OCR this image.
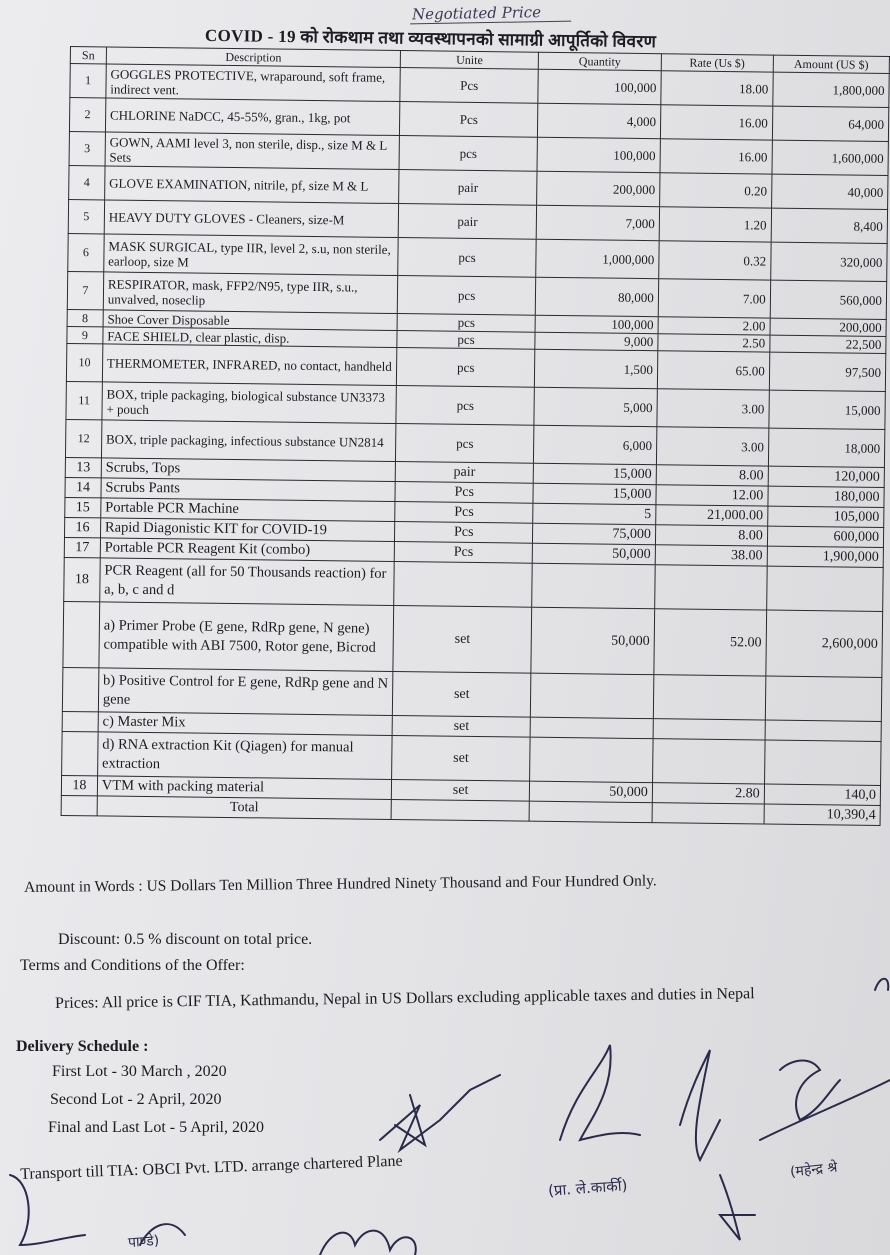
Negotiated Price
COVID - 19 को रोकथाम तथा व्यवस्थापनको सामाग्री आपूर्तिको विवरण
Sn	Description	Unite	Quantity	Rate (Us $)	Amount (US $)
1	GOGGLES PROTECTIVE, wraparound, soft frame, indirect vent.	Pcs	100,000	18.00	1,800,000
2	CHLORINE NaDCC, 45-55%, gran., 1kg, pot	Pcs	4,000	16.00	64,000
3	GOWN, AAMI level 3, non sterile, disp., size M & L Sets	pcs	100,000	16.00	1,600,000
4	GLOVE EXAMINATION, nitrile, pf, size M & L	pair	200,000	0.20	40,000
5	HEAVY DUTY GLOVES - Cleaners, size-M	pair	7,000	1.20	8,400
6	MASK SURGICAL, type IIR, level 2, s.u, non sterile, earloop, size M	pcs	1,000,000	0.32	320,000
7	RESPIRATOR, mask, FFP2/N95, type IIR, s.u., unvalved, noseclip	pcs	80,000	7.00	560,000
8	Shoe Cover Disposable	pcs	100,000	2.00	200,000
9	FACE SHIELD, clear plastic, disp.	pcs	9,000	2.50	22,500
10	THERMOMETER, INFRARED, no contact, handheld	pcs	1,500	65.00	97,500
11	BOX, triple packaging, biological substance UN3373 + pouch	pcs	5,000	3.00	15,000
12	BOX, triple packaging, infectious substance UN2814	pcs	6,000	3.00	18,000
13	Scrubs, Tops	pair	15,000	8.00	120,000
14	Scrubs Pants	Pcs	15,000	12.00	180,000
15	Portable PCR Machine	Pcs	5	21,000.00	105,000
16	Rapid Diagonistic KIT for COVID-19	Pcs	75,000	8.00	600,000
17	Portable PCR Reagent Kit (combo)	Pcs	50,000	38.00	1,900,000
18	PCR Reagent (all for 50 Thousands reaction) for a, b, c and d				
	a) Primer Probe (E gene, RdRp gene, N gene) compatible with ABI 7500, Rotor gene, Bicrod	set	50,000	52.00	2,600,000
	b) Positive Control for E gene, RdRp gene and N gene	set			
	c) Master Mix	set			
	d) RNA extraction Kit (Qiagen) for manual extraction	set			
18	VTM with packing material	set	50,000	2.80	140,0
	Total				10,390,4
Amount in Words : US Dollars Ten Million Three Hundred Ninety Thousand and Four Hundred Only.
Discount: 0.5 % discount on total price.
Terms and Conditions of the Offer:
Prices: All price is CIF TIA, Kathmandu, Nepal in US Dollars excluding applicable taxes and duties in Nepal
Delivery Schedule :
First Lot - 30 March , 2020
Second Lot - 2 April, 2020
Final and Last Lot - 5 April, 2020
Transport till TIA: OBCI Pvt. LTD. arrange chartered Plane
(प्रा. ले.कार्की)
(महेन्द्र श्रे
पाण्डे)
